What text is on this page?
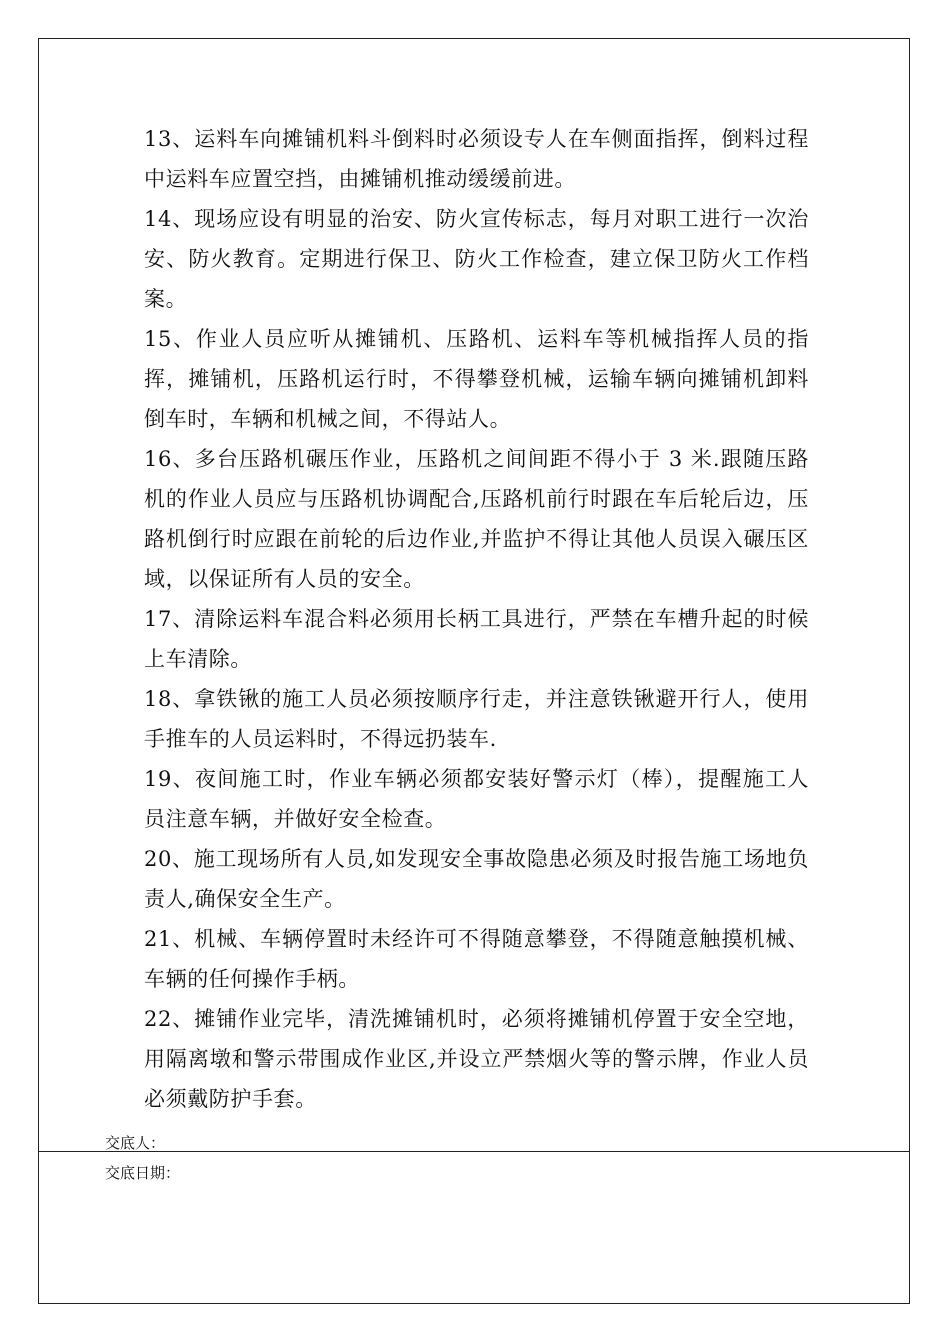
13、运料车向摊铺机料斗倒料时必须设专人在车侧面指挥，倒料过程中运料车应置空挡，由摊铺机推动缓缓前进。

14、现场应设有明显的治安、防火宣传标志，每月对职工进行一次治安、防火教育。定期进行保卫、防火工作检查，建立保卫防火工作档案。

15、作业人员应听从摊铺机、压路机、运料车等机械指挥人员的指挥，摊铺机，压路机运行时，不得攀登机械，运输车辆向摊铺机卸料倒车时，车辆和机械之间，不得站人。

16、多台压路机碾压作业，压路机之间间距不得小于 3 米.跟随压路机的作业人员应与压路机协调配合,压路机前行时跟在车后轮后边，压路机倒行时应跟在前轮的后边作业,并监护不得让其他人员误入碾压区域，以保证所有人员的安全。

17、清除运料车混合料必须用长柄工具进行，严禁在车槽升起的时候上车清除。

18、拿铁锹的施工人员必须按顺序行走，并注意铁锹避开行人，使用手推车的人员运料时，不得远扔装车.

19、夜间施工时，作业车辆必须都安装好警示灯（棒），提醒施工人员注意车辆，并做好安全检查。

20、施工现场所有人员,如发现安全事故隐患必须及时报告施工场地负责人,确保安全生产。

21、机械、车辆停置时未经许可不得随意攀登，不得随意触摸机械、车辆的任何操作手柄。

22、摊铺作业完毕，清洗摊铺机时，必须将摊铺机停置于安全空地，用隔离墩和警示带围成作业区,并设立严禁烟火等的警示牌，作业人员必须戴防护手套。

交底人：

交底日期：
